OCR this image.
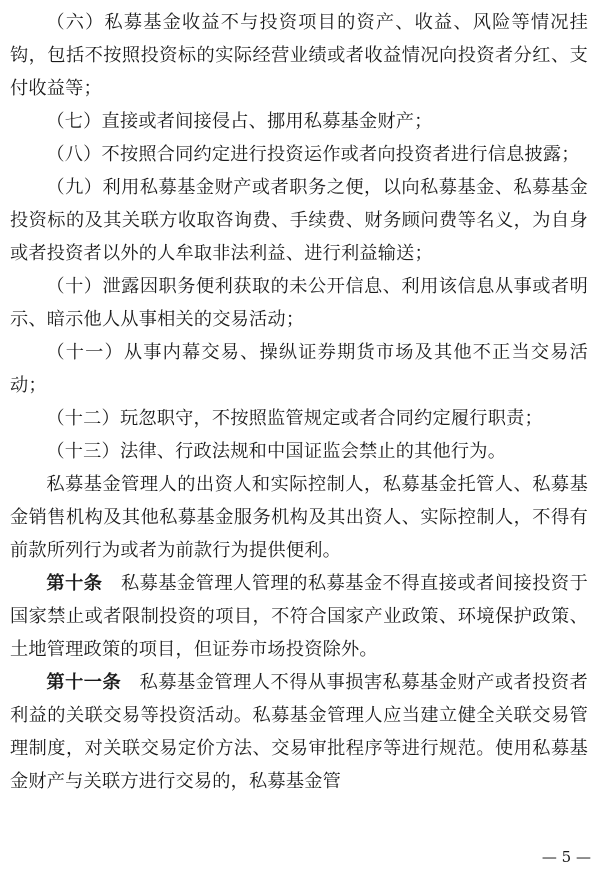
（六）私募基金收益不与投资项目的资产、收益、风险等情况挂钩，包括不按照投资标的实际经营业绩或者收益情况向投资者分红、支付收益等；

（七）直接或者间接侵占、挪用私募基金财产；

（八）不按照合同约定进行投资运作或者向投资者进行信息披露；

（九）利用私募基金财产或者职务之便，以向私募基金、私募基金投资标的及其关联方收取咨询费、手续费、财务顾问费等名义，为自身或者投资者以外的人牟取非法利益、进行利益输送；

（十）泄露因职务便利获取的未公开信息、利用该信息从事或者明示、暗示他人从事相关的交易活动；

（十一）从事内幕交易、操纵证券期货市场及其他不正当交易活动；

（十二）玩忽职守，不按照监管规定或者合同约定履行职责；

（十三）法律、行政法规和中国证监会禁止的其他行为。

私募基金管理人的出资人和实际控制人，私募基金托管人、私募基金销售机构及其他私募基金服务机构及其出资人、实际控制人，不得有前款所列行为或者为前款行为提供便利。

第十条 私募基金管理人管理的私募基金不得直接或者间接投资于国家禁止或者限制投资的项目，不符合国家产业政策、环境保护政策、土地管理政策的项目，但证券市场投资除外。

第十一条 私募基金管理人不得从事损害私募基金财产或者投资者利益的关联交易等投资活动。私募基金管理人应当建立健全关联交易管理制度，对关联交易定价方法、交易审批程序等进行规范。使用私募基金财产与关联方进行交易的，私募基金管

— 5 —
